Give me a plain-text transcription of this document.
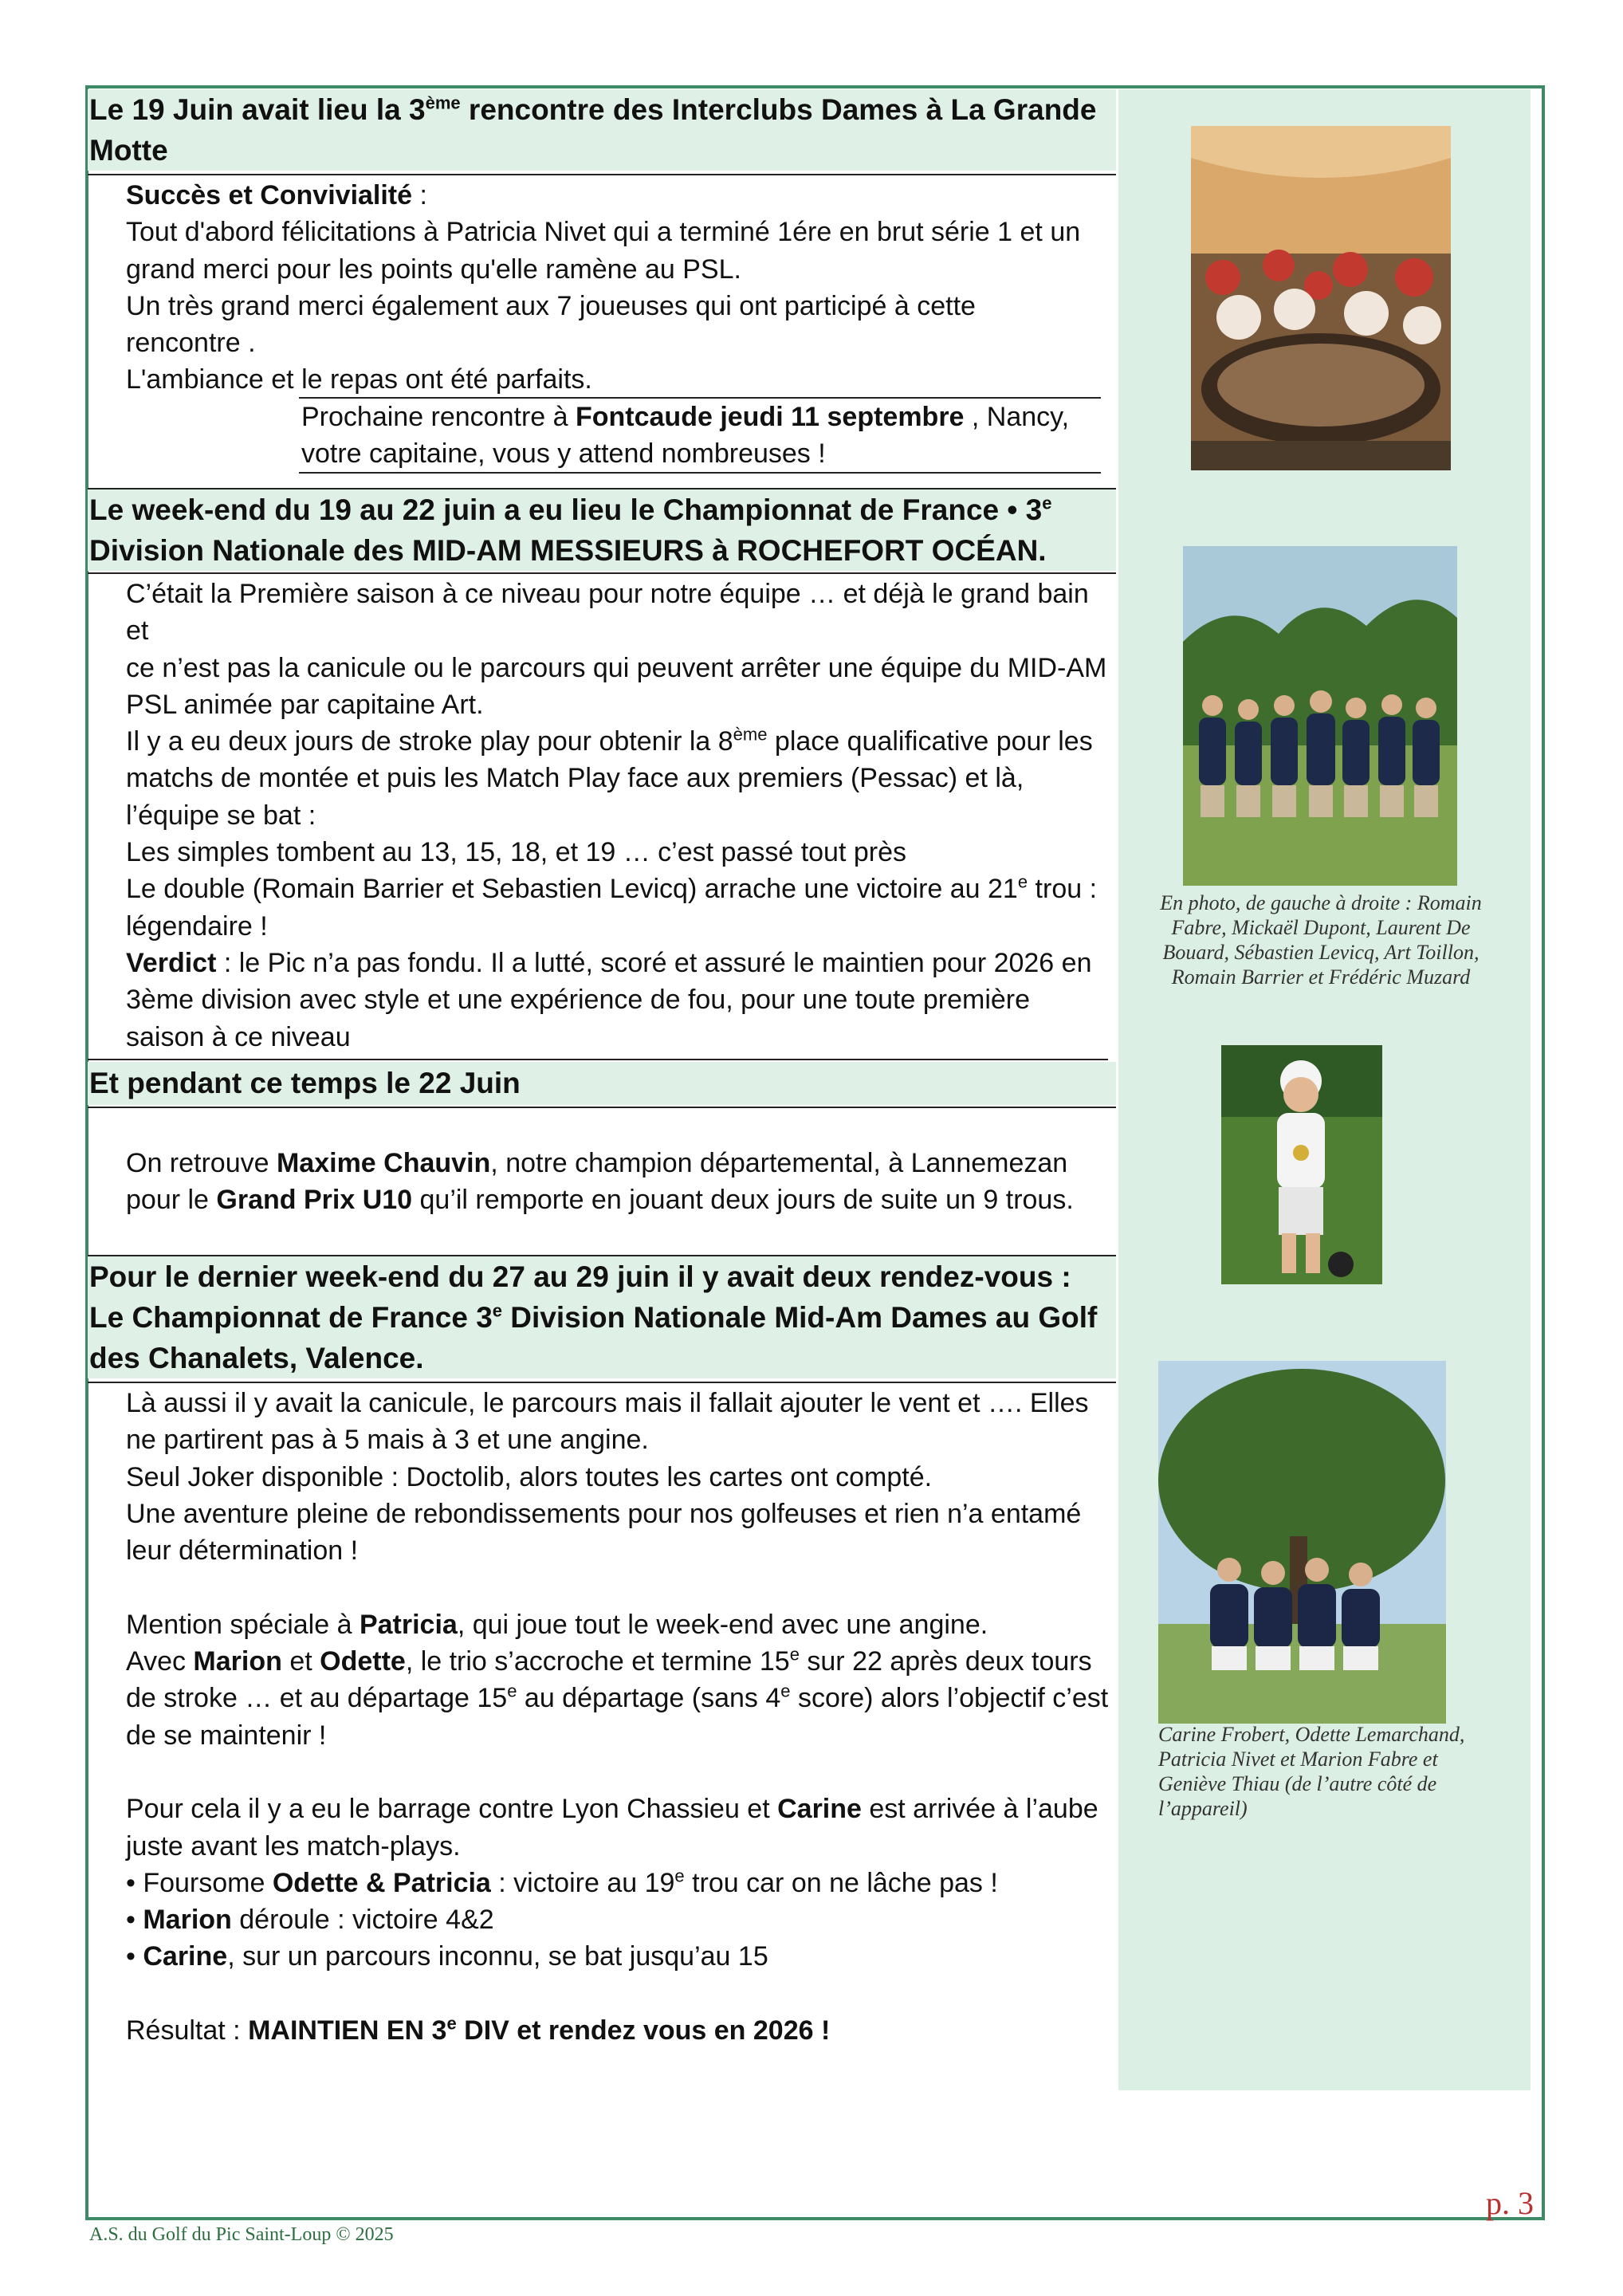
Le 19 Juin avait lieu la 3ème rencontre des Interclubs Dames à La Grande
Motte

Succès et Convivialité :

Tout d'abord félicitations à Patricia Nivet qui a terminé 1ére en brut série 1 et un

grand merci pour les points qu'elle ramène au PSL.

Un très grand merci également aux 7 joueuses qui ont participé à cette

rencontre .

L'ambiance et le repas ont été parfaits.

Prochaine rencontre à Fontcaude jeudi 11 septembre , Nancy,
votre capitaine, vous y attend nombreuses !
Le week-end du 19 au 22 juin a eu lieu le Championnat de France • 3e
Division Nationale des MID-AM MESSIEURS à ROCHEFORT OCÉAN.

C’était la Première saison à ce niveau pour notre équipe … et déjà le grand bain et

ce n’est pas la canicule ou le parcours qui peuvent arrêter une équipe du MID-AM

PSL animée par capitaine Art.

Il y a eu deux jours de stroke play pour obtenir la 8ème place qualificative pour les

matchs de montée et puis les Match Play face aux premiers (Pessac) et là,

l’équipe se bat :

Les simples tombent au 13, 15, 18, et 19 … c’est passé tout près

Le double (Romain Barrier et Sebastien Levicq) arrache une victoire au 21e trou :

légendaire !

Verdict : le Pic n’a pas fondu. Il a lutté, scoré et assuré le maintien pour 2026 en

3ème division avec style et une expérience de fou, pour une toute première

saison à ce niveau

Et pendant ce temps le 22 Juin

On retrouve Maxime Chauvin, notre champion départemental, à Lannemezan

pour le Grand Prix U10 qu’il remporte en jouant deux jours de suite un 9 trous.

Pour le dernier week-end du 27 au 29 juin il y avait deux rendez-vous :
Le Championnat de France 3e Division Nationale Mid-Am Dames au Golf
des Chanalets, Valence.

Là aussi il y avait la canicule, le parcours mais il fallait ajouter le vent et …. Elles

ne partirent pas à 5 mais à 3 et une angine.

Seul Joker disponible : Doctolib, alors toutes les cartes ont compté.

Une aventure pleine de rebondissements pour nos golfeuses et rien n’a entamé

leur détermination !

Mention spéciale à Patricia, qui joue tout le week-end avec une angine.

Avec Marion et Odette, le trio s’accroche et termine 15e sur 22 après deux tours

de stroke … et au départage 15e au départage (sans 4e score) alors l’objectif c’est

de se maintenir !

Pour cela il y a eu le barrage contre Lyon Chassieu et Carine est arrivée à l’aube

juste avant les match-plays.

• Foursome Odette & Patricia : victoire au 19e trou car on ne lâche pas !

• Marion déroule : victoire 4&2

• Carine, sur un parcours inconnu, se bat jusqu’au 15

Résultat : MAINTIEN EN 3e DIV et rendez vous en 2026 !

En photo, de gauche à droite : Romain
Fabre, Mickaël Dupont, Laurent De
Bouard, Sébastien Levicq, Art Toillon,
Romain Barrier et Frédéric Muzard
Carine Frobert, Odette Lemarchand,
Patricia Nivet et Marion Fabre et
Geniève Thiau (de l’autre côté de
l’appareil)
p. 3
A.S. du Golf du Pic Saint-Loup © 2025
